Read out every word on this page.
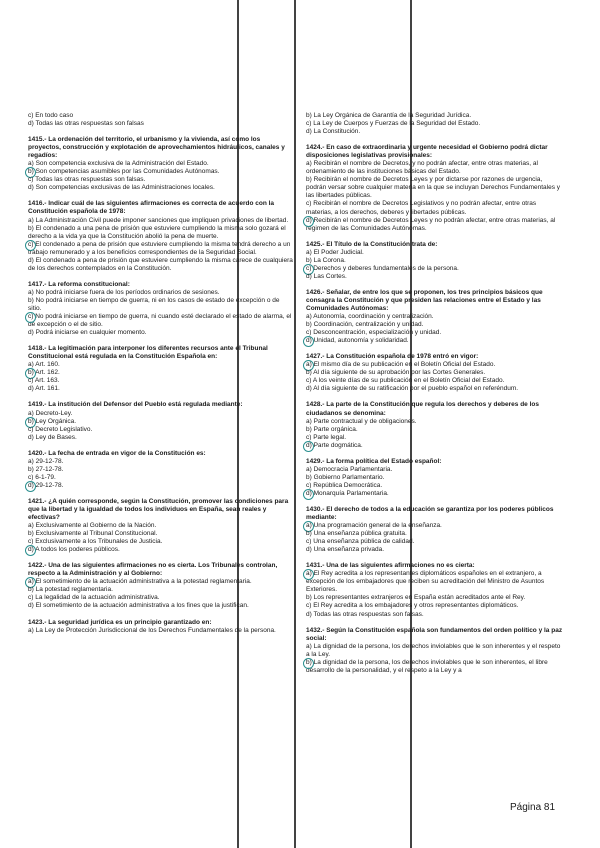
c) En todo caso
d) Todas las otras respuestas son falsas
1415.- La ordenación del territorio, el urbanismo y la vivienda, así como los proyectos, construcción y explotación de aprovechamientos hidráulicos, canales y regadíos:
a) Son competencia exclusiva de la Administración del Estado.
b) Son competencias asumibles por las Comunidades Autónomas.
c) Todas las otras respuestas son falsas.
d) Son competencias exclusivas de las Administraciones locales.
1416.- Indicar cuál de las siguientes afirmaciones es correcta de acuerdo con la Constitución española de 1978:
a) La Administración Civil puede imponer sanciones que impliquen privaciones de libertad.
b) El condenado a una pena de prisión que estuviere cumpliendo la misma solo gozará el derecho a la vida ya que la Constitución abolió la pena de muerte.
c) El condenado a pena de prisión que estuviere cumpliendo la misma tendrá derecho a un trabajo remunerado y a los beneficios correspondientes de la Seguridad Social.
d) El condenado a pena de prisión que estuviere cumpliendo la misma carece de cualquiera de los derechos contemplados en la Constitución.
1417.- La reforma constitucional:
a) No podrá iniciarse fuera de los períodos ordinarios de sesiones.
b) No podrá iniciarse en tiempo de guerra, ni en los casos de estado de excepción o de sitio.
c) No podrá iniciarse en tiempo de guerra, ni cuando esté declarado el estado de alarma, el de excepción o el de sitio.
d) Podrá iniciarse en cualquier momento.
1418.- La legitimación para interponer los diferentes recursos ante el Tribunal Constitucional está regulada en la Constitución Española en:
a) Art. 160.
b) Art. 162.
c) Art. 163.
d) Art. 161.
1419.- La institución del Defensor del Pueblo está regulada mediante:
a) Decreto-Ley.
b) Ley Orgánica.
c) Decreto Legislativo.
d) Ley de Bases.
1420.- La fecha de entrada en vigor de la Constitución es:
a) 29-12-78.
b) 27-12-78.
c) 6-1-79.
d) 29-12-78.
1421.- ¿A quién corresponde, según la Constitución, promover las condiciones para que la libertad y la igualdad de todos los individuos en España, sean reales y efectivas?
a) Exclusivamente al Gobierno de la Nación.
b) Exclusivamente al Tribunal Constitucional.
c) Exclusivamente a los Tribunales de Justicia.
d) A todos los poderes públicos.
1422.- Una de las siguientes afirmaciones no es cierta. Los Tribunales controlan, respecto a la Administración y al Gobierno:
a) El sometimiento de la actuación administrativa a la potestad reglamentaria.
b) La potestad reglamentaria.
c) La legalidad de la actuación administrativa.
d) El sometimiento de la actuación administrativa a los fines que la justifican.
1423.- La seguridad jurídica es un principio garantizado en:
a) La Ley de Protección Jurisdiccional de los Derechos Fundamentales de la persona.
b) La Ley Orgánica de Garantía de la Seguridad Jurídica.
c) La Ley de Cuerpos y Fuerzas de la Seguridad del Estado.
d) La Constitución.
1424.- En caso de extraordinaria y urgente necesidad el Gobierno podrá dictar disposiciones legislativas provisionales:
a) Recibirán el nombre de Decretos, y no podrán afectar, entre otras materias, al ordenamiento de las instituciones básicas del Estado.
b) Recibirán el nombre de Decretos Leyes y por dictarse por razones de urgencia, podrán versar sobre cualquier materia en la que se incluyan Derechos Fundamentales y las libertades públicas.
c) Recibirán el nombre de Decretos Legislativos y no podrán afectar, entre otras materias, a los derechos, deberes y libertades públicas.
d) Recibirán el nombre de Decretos Leyes y no podrán afectar, entre otras materias, al régimen de las Comunidades Autónomas.
1425.- El Título de la Constitución trata de:
a) El Poder Judicial.
b) La Corona.
c) Derechos y deberes fundamentales de la persona.
d) Las Cortes.
1426.- Señalar, de entre los que se proponen, los tres principios básicos que consagra la Constitución y que presiden las relaciones entre el Estado y las Comunidades Autónomas:
a) Autonomía, coordinación y centralización.
b) Coordinación, centralización y unidad.
c) Desconcentración, especialización y unidad.
d) Unidad, autonomía y solidaridad.
1427.- La Constitución española de 1978 entró en vigor:
a) El mismo día de su publicación en el Boletín Oficial del Estado.
b) Al día siguiente de su aprobación por las Cortes Generales.
c) A los veinte días de su publicación en el Boletín Oficial del Estado.
d) Al día siguiente de su ratificación por el pueblo español en referéndum.
1428.- La parte de la Constitución que regula los derechos y deberes de los ciudadanos se denomina:
a) Parte contractual y de obligaciones.
b) Parte orgánica.
c) Parte legal.
d) Parte dogmática.
1429.- La forma política del Estado español:
a) Democracia Parlamentaria.
b) Gobierno Parlamentario.
c) República Democrática.
d) Monarquía Parlamentaria.
1430.- El derecho de todos a la educación se garantiza por los poderes públicos mediante:
a) Una programación general de la enseñanza.
b) Una enseñanza pública gratuita.
c) Una enseñanza pública de calidad.
d) Una enseñanza privada.
1431.- Una de las siguientes afirmaciones no es cierta:
a) El Rey acredita a los representantes diplomáticos españoles en el extranjero, a excepción de los embajadores que reciben su acreditación del Ministro de Asuntos Exteriores.
b) Los representantes extranjeros en España están acreditados ante el Rey.
c) El Rey acredita a los embajadores y otros representantes diplomáticos.
d) Todas las otras respuestas son falsas.
1432.- Según la Constitución española son fundamentos del orden político y la paz social:
a) La dignidad de la persona, los derechos inviolables que le son inherentes y el respeto a la Ley.
b) La dignidad de la persona, los derechos inviolables que le son inherentes, el libre desarrollo de la personalidad, y el respeto a la Ley y a
Página 81
